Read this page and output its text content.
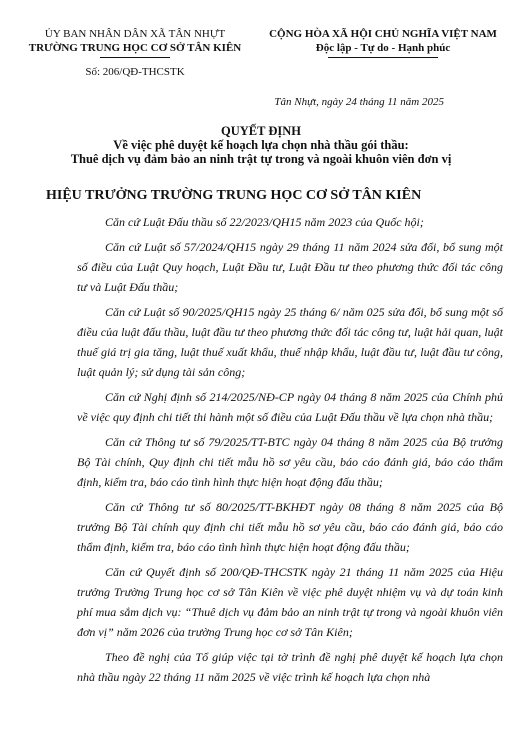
ỦY BAN NHÂN DÂN XÃ TÂN NHỰT
TRƯỜNG TRUNG HỌC CƠ SỞ TÂN KIÊN
Số: 206/QĐ-THCSTK
CỘNG HÒA XÃ HỘI CHỦ NGHĨA VIỆT NAM
Độc lập - Tự do - Hạnh phúc
Tân Nhựt, ngày 24 tháng 11 năm 2025
QUYẾT ĐỊNH
Về việc phê duyệt kế hoạch lựa chọn nhà thầu gói thầu:
Thuê dịch vụ đảm bảo an ninh trật tự trong và ngoài khuôn viên đơn vị
HIỆU TRƯỞNG TRƯỜNG TRUNG HỌC CƠ SỞ TÂN KIÊN

Căn cứ Luật Đấu thầu số 22/2023/QH15 năm 2023 của Quốc hội;

Căn cứ Luật số 57/2024/QH15 ngày 29 tháng 11 năm 2024 sửa đổi, bổ sung một số điều của Luật Quy hoạch, Luật Đầu tư, Luật Đầu tư theo phương thức đối tác công tư và Luật Đấu thầu;

Căn cứ Luật số 90/2025/QH15 ngày 25 tháng 6/ năm 025 sửa đổi, bổ sung một số điều của luật đấu thầu, luật đầu tư theo phương thức đối tác công tư, luật hải quan, luật thuế giá trị gia tăng, luật thuế xuất khẩu, thuế nhập khẩu, luật đầu tư, luật đầu tư công, luật quản lý; sử dụng tài sản công;

Căn cứ Nghị định số 214/2025/NĐ-CP ngày 04 tháng 8 năm 2025 của Chính phủ về việc quy định chi tiết thi hành một số điều của Luật Đấu thầu về lựa chọn nhà thầu;

Căn cứ Thông tư số 79/2025/TT-BTC ngày 04 tháng 8 năm 2025 của Bộ trưởng Bộ Tài chính, Quy định chi tiết mẫu hồ sơ yêu cầu, báo cáo đánh giá, báo cáo thẩm định, kiểm tra, báo cáo tình hình thực hiện hoạt động đấu thầu;

Căn cứ Thông tư số 80/2025/TT-BKHĐT ngày 08 tháng 8 năm 2025 của Bộ trưởng Bộ Tài chính quy định chi tiết mẫu hồ sơ yêu cầu, báo cáo đánh giá, báo cáo thẩm định, kiểm tra, báo cáo tình hình thực hiện hoạt động đấu thầu;

Căn cứ Quyết định số 200/QĐ-THCSTK ngày 21 tháng 11 năm 2025 của Hiệu trưởng Trường Trung học cơ sở Tân Kiên về việc phê duyệt nhiệm vụ và dự toán kinh phí mua sắm dịch vụ: “Thuê dịch vụ đảm bảo an ninh trật tự trong và ngoài khuôn viên đơn vị” năm 2026 của trường Trung học cơ sở Tân Kiên;

Theo đề nghị của Tổ giúp việc tại tờ trình đề nghị phê duyệt kế hoạch lựa chọn nhà thầu ngày 22 tháng 11 năm 2025 về việc trình kế hoạch lựa chọn nhà
